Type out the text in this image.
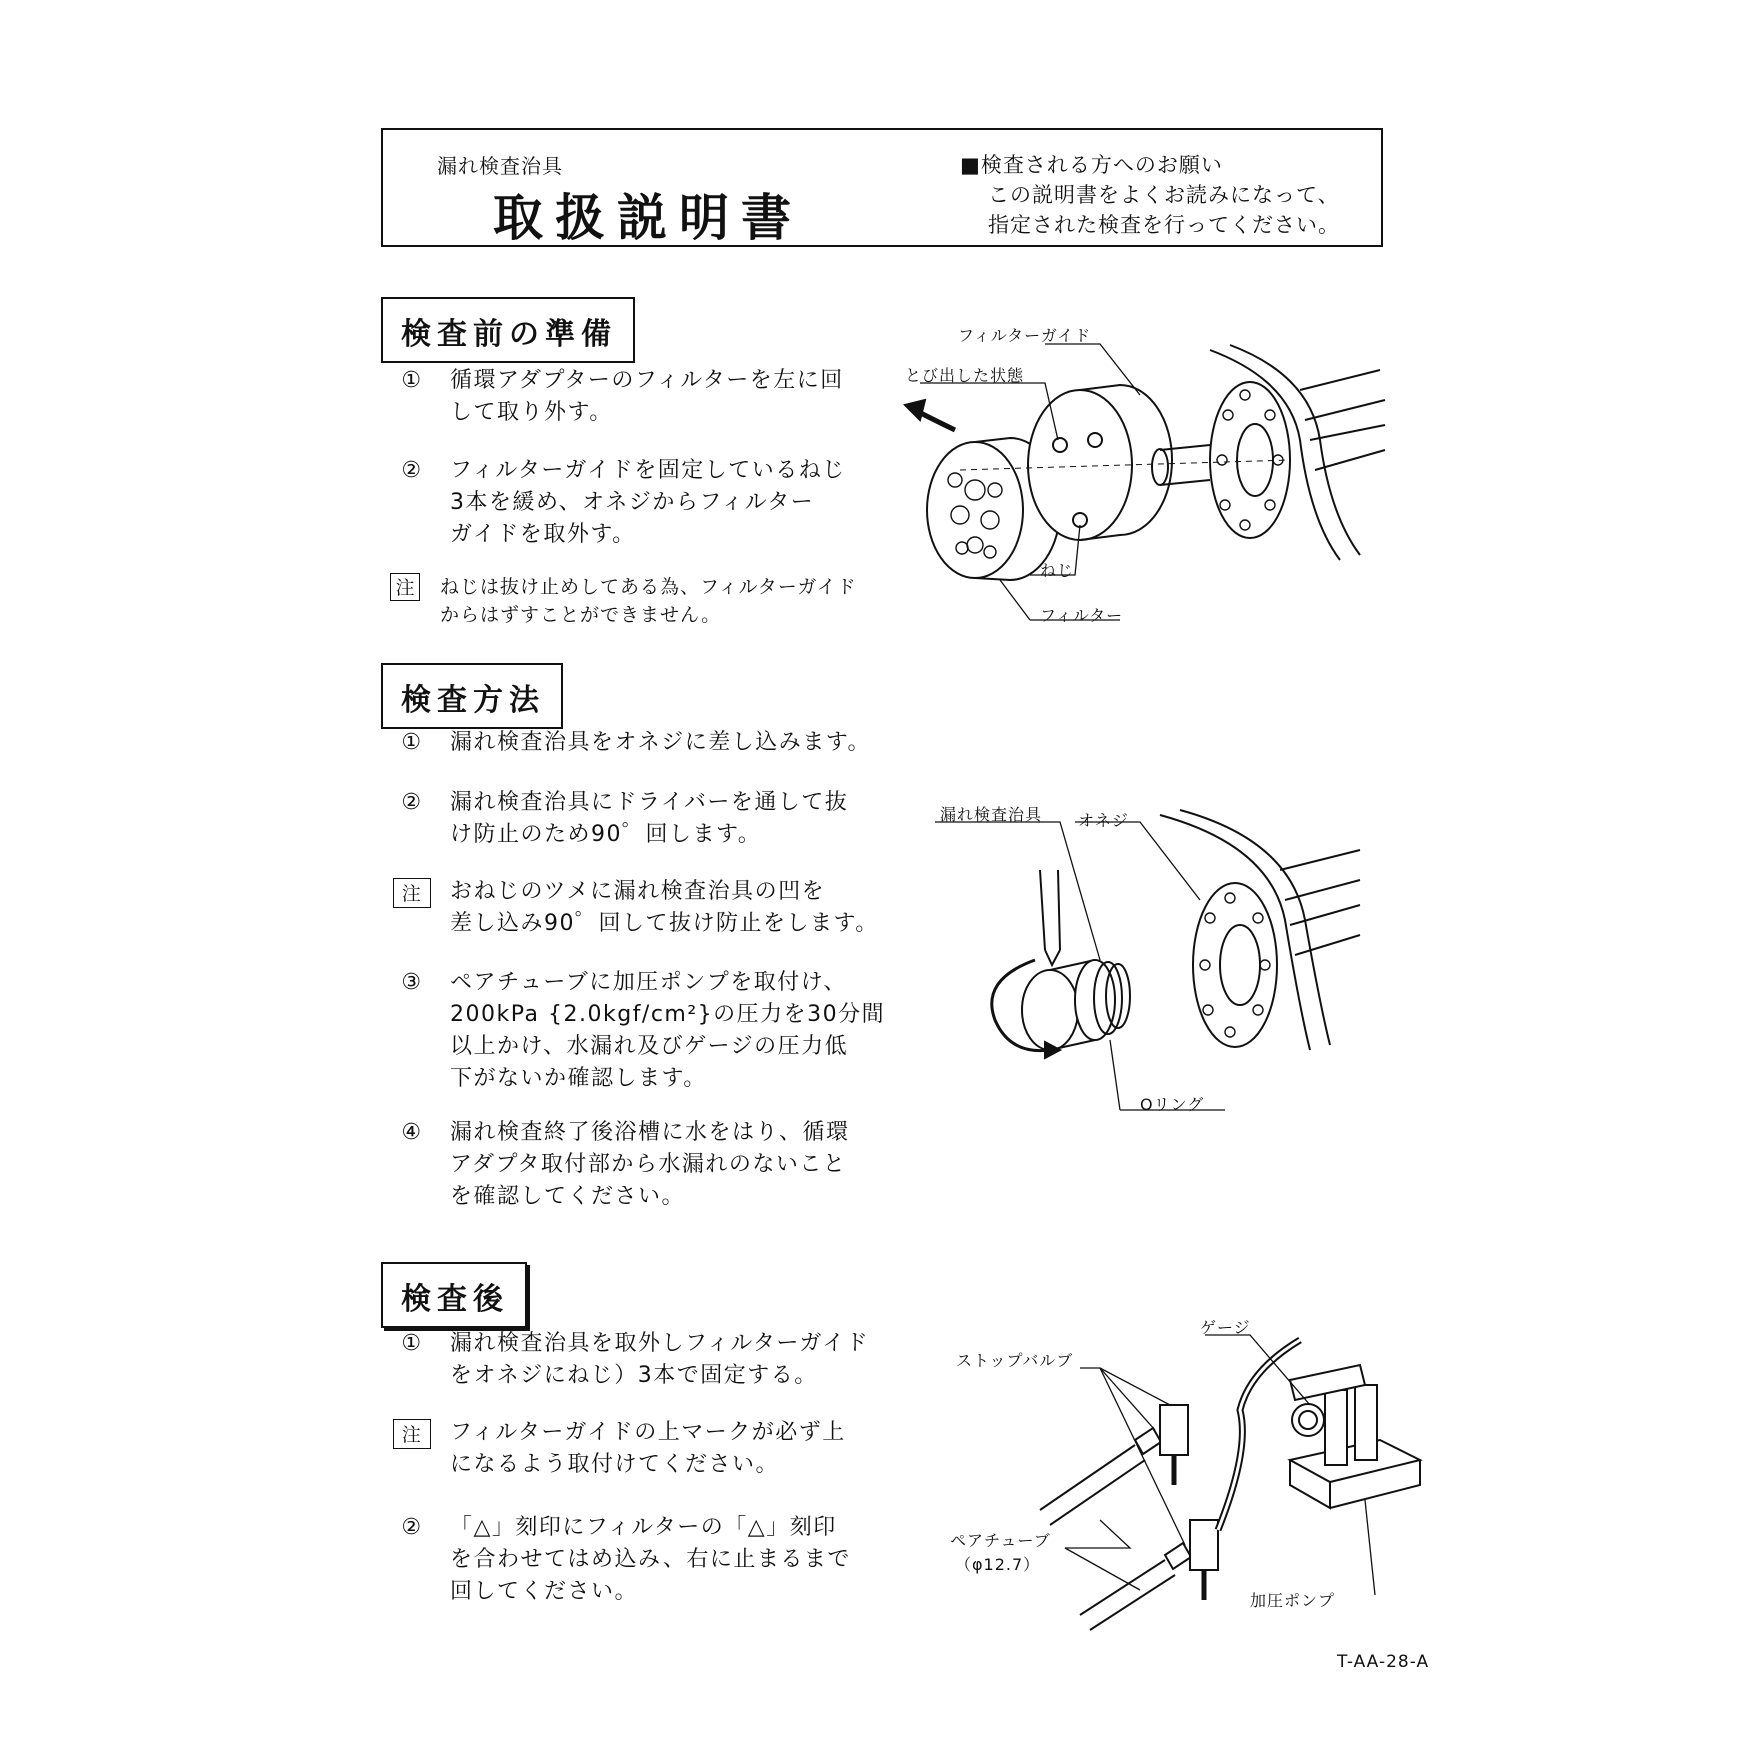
漏れ検査治具
取扱説明書
■検査される方へのお願い
この説明書をよくお読みになって、
指定された検査を行ってください。
検査前の準備
① 循環アダプターのフィルターを左に回
して取り外す。
② フィルターガイドを固定しているねじ
3本を緩め、オネジからフィルター
ガイドを取外す。
注 ねじは抜け止めしてある為、フィルターガイド
からはずすことができません。
フィルターガイド
とび出した状態
ねじ
フィルター
検査方法
① 漏れ検査治具をオネジに差し込みます。
② 漏れ検査治具にドライバーを通して抜
け防止のため90゜回します。
注	おねじのツメに漏れ検査治具の凹を
差し込み90゜回して抜け防止をします。
③ ペアチューブに加圧ポンプを取付け、
200kPa {2.0kgf/cm²}の圧力を30分間
以上かけ、水漏れ及びゲージの圧力低
下がないか確認します。
④ 漏れ検査終了後浴槽に水をはり、循環
アダプタ取付部から水漏れのないこと
を確認してください。
漏れ検査治具 オネジ
Oリング
検査後
① 漏れ検査治具を取外しフィルターガイド
をオネジにねじ）3本で固定する。
注	フィルターガイドの上マークが必ず上
になるよう取付けてください。
② 「△」刻印にフィルターの「△」刻印
を合わせてはめ込み、右に止まるまで
回してください。
ゲージ
ストップバルブ
ペアチューブ
（φ12.7）
加圧ポンプ
T-AA-28-A
